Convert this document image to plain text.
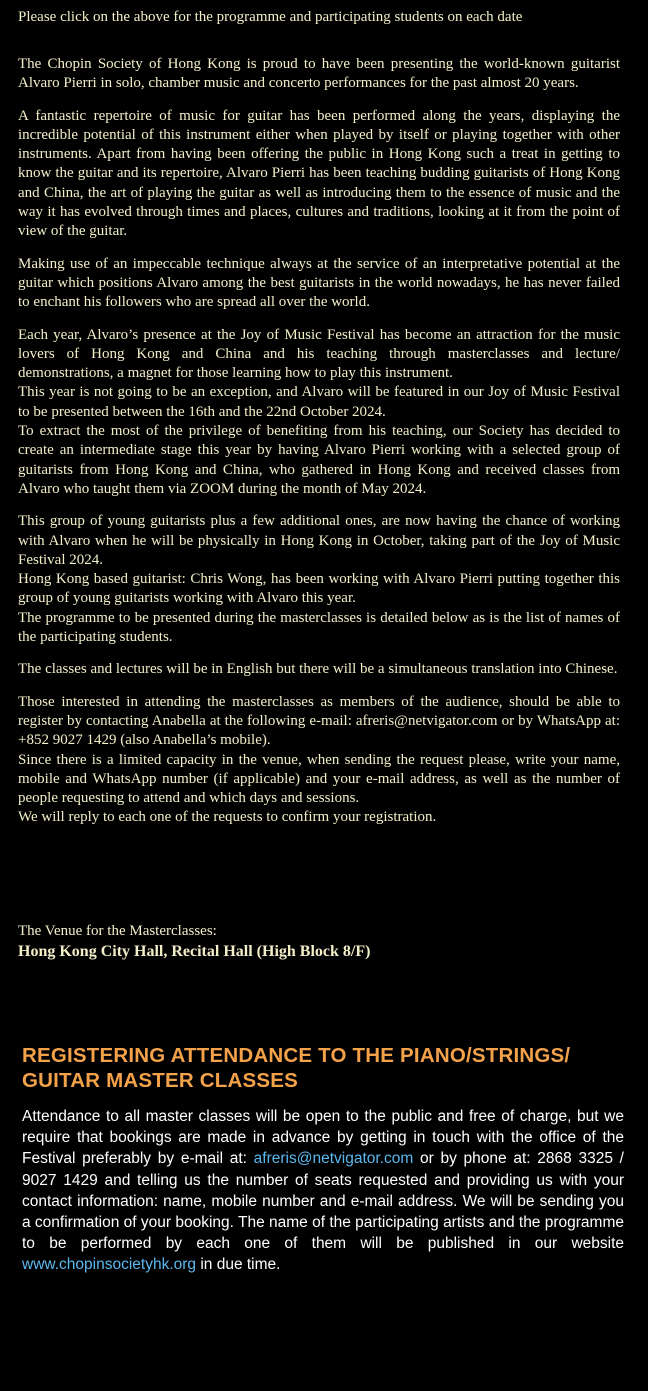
Please click on the above for the programme and participating students on each date

The Chopin Society of Hong Kong is proud to have been presenting the world-known guitarist Alvaro Pierri in solo, chamber music and concerto performances for the past almost 20 years.

A fantastic repertoire of music for guitar has been performed along the years, displaying the incredible potential of this instrument either when played by itself or playing together with other instruments. Apart from having been offering the public in Hong Kong such a treat in getting to know the guitar and its repertoire, Alvaro Pierri has been teaching budding guitarists of Hong Kong and China, the art of playing the guitar as well as introducing them to the essence of music and the way it has evolved through times and places, cultures and traditions, looking at it from the point of view of the guitar.

Making use of an impeccable technique always at the service of an interpretative potential at the guitar which positions Alvaro among the best guitarists in the world nowadays, he has never failed to enchant his followers who are spread all over the world.

Each year, Alvaro’s presence at the Joy of Music Festival has become an attraction for the music lovers of Hong Kong and China and his teaching through masterclasses and lecture/ demonstrations, a magnet for those learning how to play this instrument.
This year is not going to be an exception, and Alvaro will be featured in our Joy of Music Festival to be presented between the 16th and the 22nd October 2024.
To extract the most of the privilege of benefiting from his teaching, our Society has decided to create an intermediate stage this year by having Alvaro Pierri working with a selected group of guitarists from Hong Kong and China, who gathered in Hong Kong and received classes from Alvaro who taught them via ZOOM during the month of May 2024.

This group of young guitarists plus a few additional ones, are now having the chance of working with Alvaro when he will be physically in Hong Kong in October, taking part of the Joy of Music Festival 2024.
Hong Kong based guitarist: Chris Wong, has been working with Alvaro Pierri putting together this group of young guitarists working with Alvaro this year.
The programme to be presented during the masterclasses is detailed below as is the list of names of the participating students.

The classes and lectures will be in English but there will be a simultaneous translation into Chinese.

Those interested in attending the masterclasses as members of the audience, should be able to register by contacting Anabella at the following e-mail: afreris@netvigator.com or by WhatsApp at: +852 9027 1429 (also Anabella’s mobile).
Since there is a limited capacity in the venue, when sending the request please, write your name, mobile and WhatsApp number (if applicable) and your e-mail address, as well as the number of people requesting to attend and which days and sessions.
We will reply to each one of the requests to confirm your registration.

The Venue for the Masterclasses:
Hong Kong City Hall, Recital Hall (High Block 8/F)
REGISTERING ATTENDANCE TO THE PIANO/STRINGS/ GUITAR MASTER CLASSES

Attendance to all master classes will be open to the public and free of charge, but we require that bookings are made in advance by getting in touch with the office of the Festival preferably by e-mail at: afreris@netvigator.com or by phone at: 2868 3325 / 9027 1429 and telling us the number of seats requested and providing us with your contact information: name, mobile number and e-mail address. We will be sending you a confirmation of your booking. The name of the participating artists and the programme to be performed by each one of them will be published in our website www.chopinsocietyhk.org in due time.
